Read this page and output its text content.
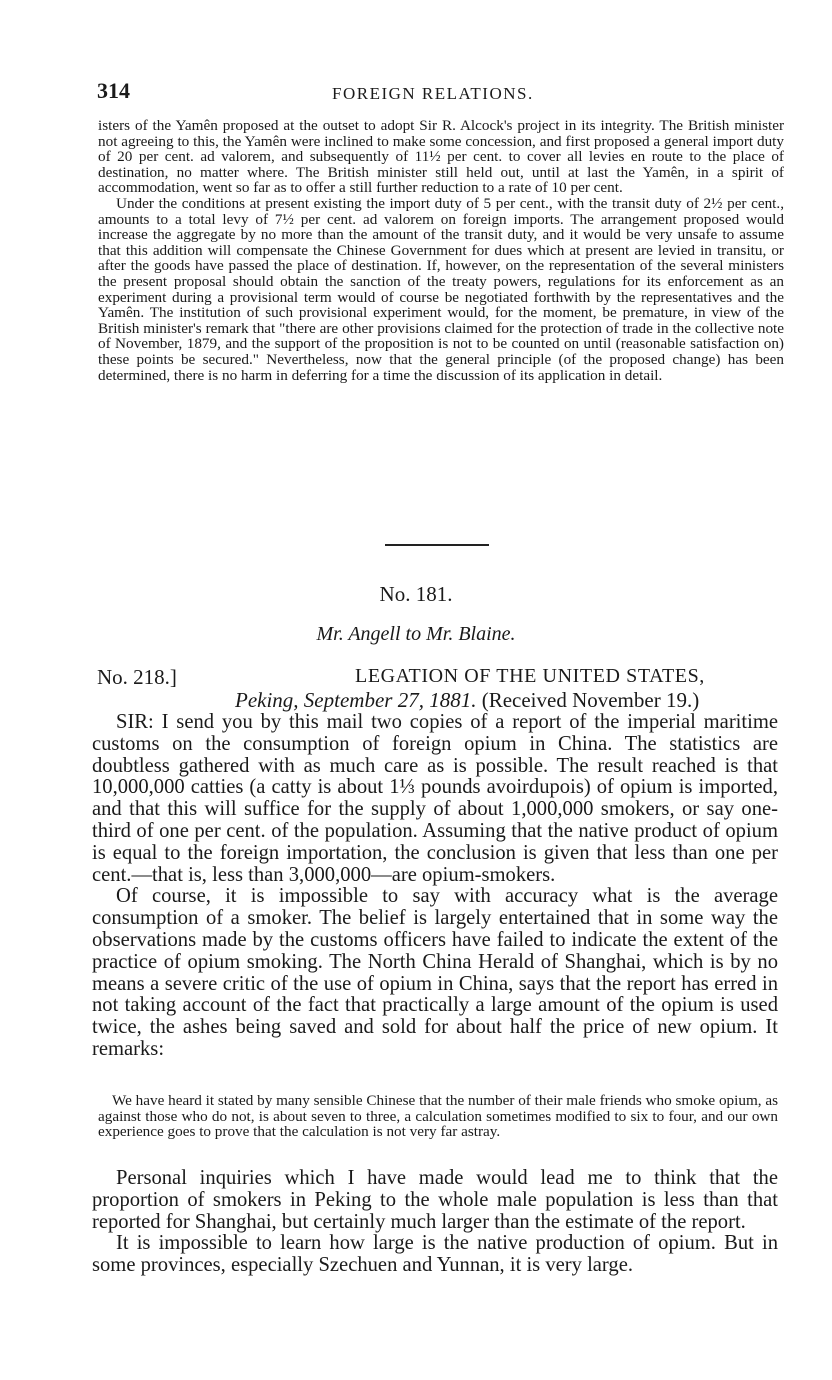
314	FOREIGN RELATIONS.

isters of the Yamên proposed at the outset to adopt Sir R. Alcock's project in its integrity. The British minister not agreeing to this, the Yamên were inclined to make some concession, and first proposed a general import duty of 20 per cent. ad valorem, and subsequently of 11½ per cent. to cover all levies en route to the place of destination, no matter where. The British minister still held out, until at last the Yamên, in a spirit of accommodation, went so far as to offer a still further reduction to a rate of 10 per cent.

Under the conditions at present existing the import duty of 5 per cent., with the transit duty of 2½ per cent., amounts to a total levy of 7½ per cent. ad valorem on foreign imports. The arrangement proposed would increase the aggregate by no more than the amount of the transit duty, and it would be very unsafe to assume that this addition will compensate the Chinese Government for dues which at present are levied in transitu, or after the goods have passed the place of destination. If, however, on the representation of the several ministers the present proposal should obtain the sanction of the treaty powers, regulations for its enforcement as an experiment during a provisional term would of course be negotiated forthwith by the representatives and the Yamên. The institution of such provisional experiment would, for the moment, be premature, in view of the British minister's remark that "there are other provisions claimed for the protection of trade in the collective note of November, 1879, and the support of the proposition is not to be counted on until (reasonable satisfaction on) these points be secured." Nevertheless, now that the general principle (of the proposed change) has been determined, there is no harm in deferring for a time the discussion of its application in detail.

No. 181.
Mr. Angell to Mr. Blaine.
No. 218.]	LEGATION OF THE UNITED STATES,
Peking, September 27, 1881. (Received November 19.)

SIR: I send you by this mail two copies of a report of the imperial maritime customs on the consumption of foreign opium in China. The statistics are doubtless gathered with as much care as is possible. The result reached is that 10,000,000 catties (a catty is about 1⅓ pounds avoirdupois) of opium is imported, and that this will suffice for the supply of about 1,000,000 smokers, or say one-third of one per cent. of the population. Assuming that the native product of opium is equal to the foreign importation, the conclusion is given that less than one per cent.—that is, less than 3,000,000—are opium-smokers.

Of course, it is impossible to say with accuracy what is the average consumption of a smoker. The belief is largely entertained that in some way the observations made by the customs officers have failed to indicate the extent of the practice of opium smoking. The North China Herald of Shanghai, which is by no means a severe critic of the use of opium in China, says that the report has erred in not taking account of the fact that practically a large amount of the opium is used twice, the ashes being saved and sold for about half the price of new opium. It remarks:

We have heard it stated by many sensible Chinese that the number of their male friends who smoke opium, as against those who do not, is about seven to three, a calculation sometimes modified to six to four, and our own experience goes to prove that the calculation is not very far astray.

Personal inquiries which I have made would lead me to think that the proportion of smokers in Peking to the whole male population is less than that reported for Shanghai, but certainly much larger than the estimate of the report.

It is impossible to learn how large is the native production of opium. But in some provinces, especially Szechuen and Yunnan, it is very large.
